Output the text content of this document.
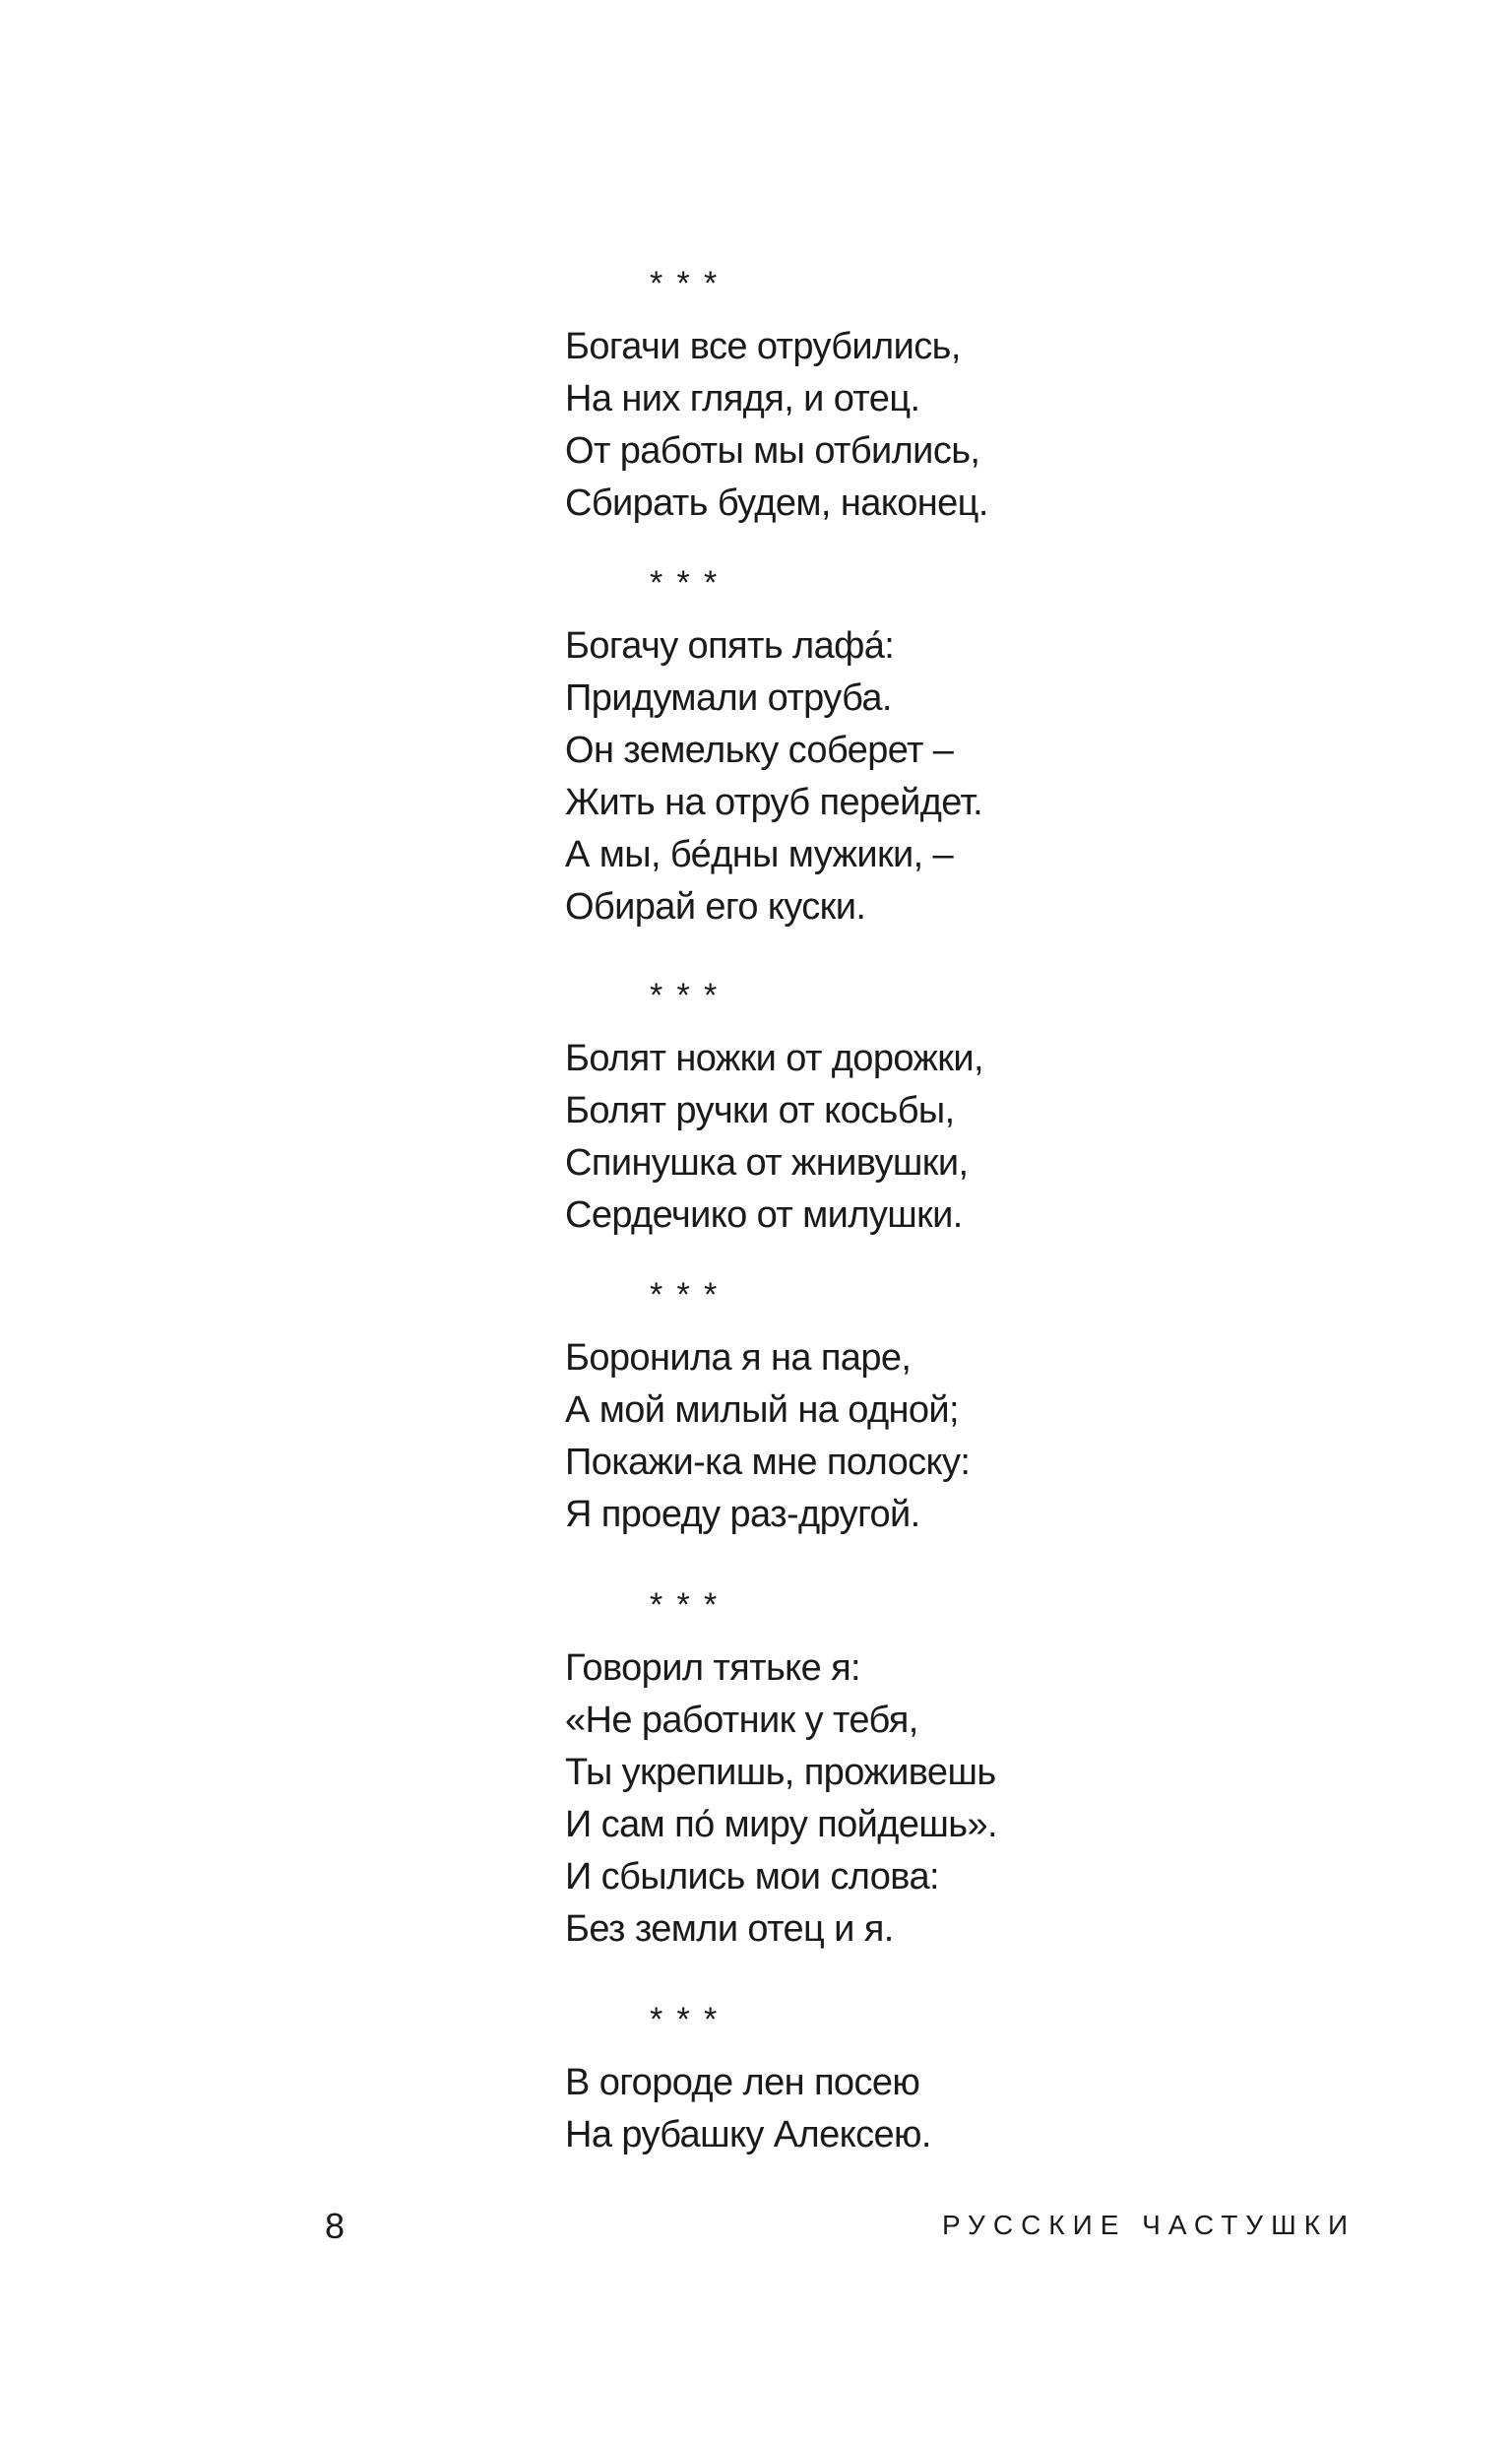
* * *
Богачи все отрубились,
На них глядя, и отец.
От работы мы отбились,
Сбирать будем, наконец.
* * *
Богачу опять лафа́:
Придумали отруба.
Он земельку соберет –
Жить на отруб перейдет.
А мы, бе́дны мужики, –
Обирай его куски.
* * *
Болят ножки от дорожки,
Болят ручки от косьбы,
Спинушка от жнивушки,
Сердечико от милушки.
* * *
Боронила я на паре,
А мой милый на одной;
Покажи-ка мне полоску:
Я проеду раз-другой.
* * *
Говорил тятьке я:
«Не работник у тебя,
Ты укрепишь, проживешь
И сам по́ миру пойдешь».
И сбылись мои слова:
Без земли отец и я.
* * *
В огороде лен посею
На рубашку Алексею.
8	РУССКИЕ ЧАСТУШКИ
